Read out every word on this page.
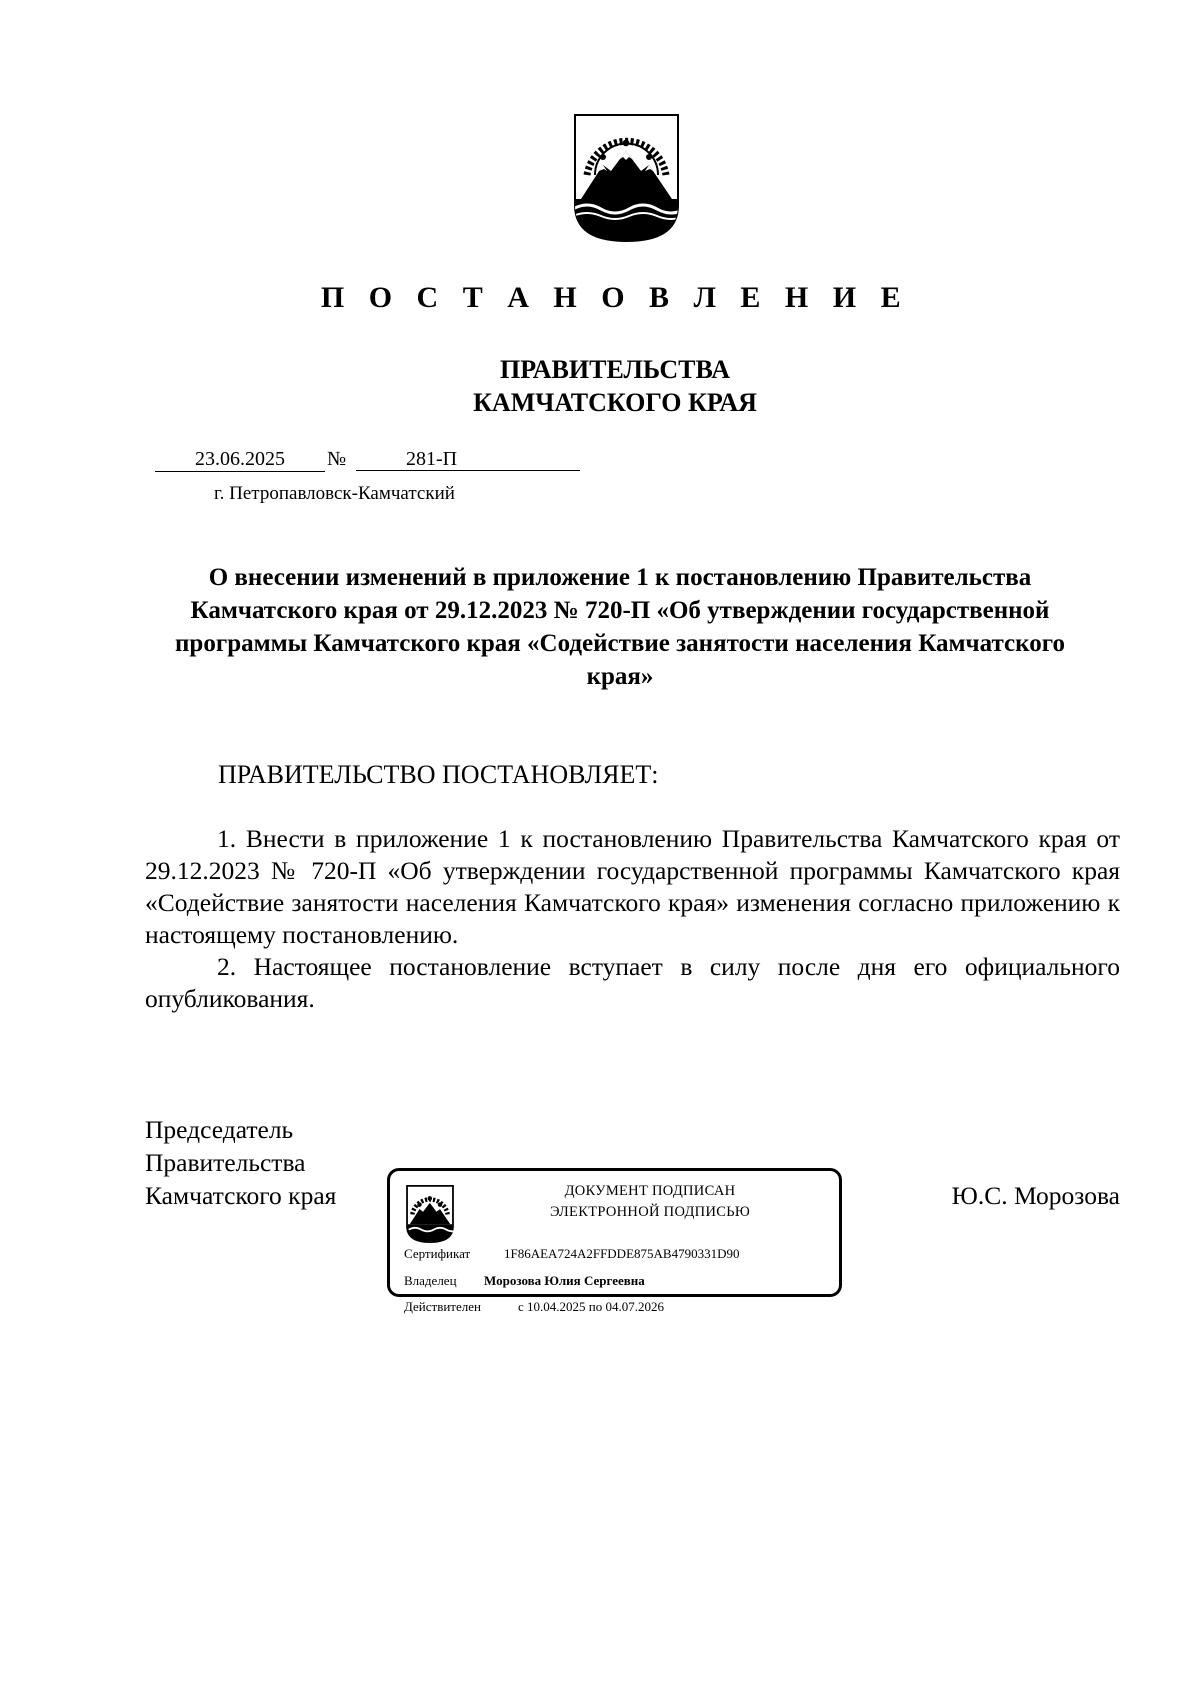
П О С Т А Н О В Л Е Н И Е
ПРАВИТЕЛЬСТВА
КАМЧАТСКОГО КРАЯ
23.06.2025	№	281-П
г. Петропавловск-Камчатский
О внесении изменений в приложение 1 к постановлению Правительства Камчатского края от 29.12.2023 № 720-П «Об утверждении государственной программы Камчатского края «Содействие занятости населения Камчатского края»
ПРАВИТЕЛЬСТВО ПОСТАНОВЛЯЕТ:

1. Внести в приложение 1 к постановлению Правительства Камчатского края от 29.12.2023 № 720-П «Об утверждении государственной программы Камчатского края «Содействие занятости населения Камчатского края» изменения согласно приложению к настоящему постановлению.

2. Настоящее постановление вступает в силу после дня его официального опубликования.

Председатель
Правительства
Камчатского края	ДОКУМЕНТ ПОДПИСАН
ЭЛЕКТРОННОЙ ПОДПИСЬЮ
Сертификат	1F86AEA724A2FFDDE875AB4790331D90
Владелец Морозова Юлия Сергеевна
Действителен	с 10.04.2025 по 04.07.2026
Ю.С. Морозова
